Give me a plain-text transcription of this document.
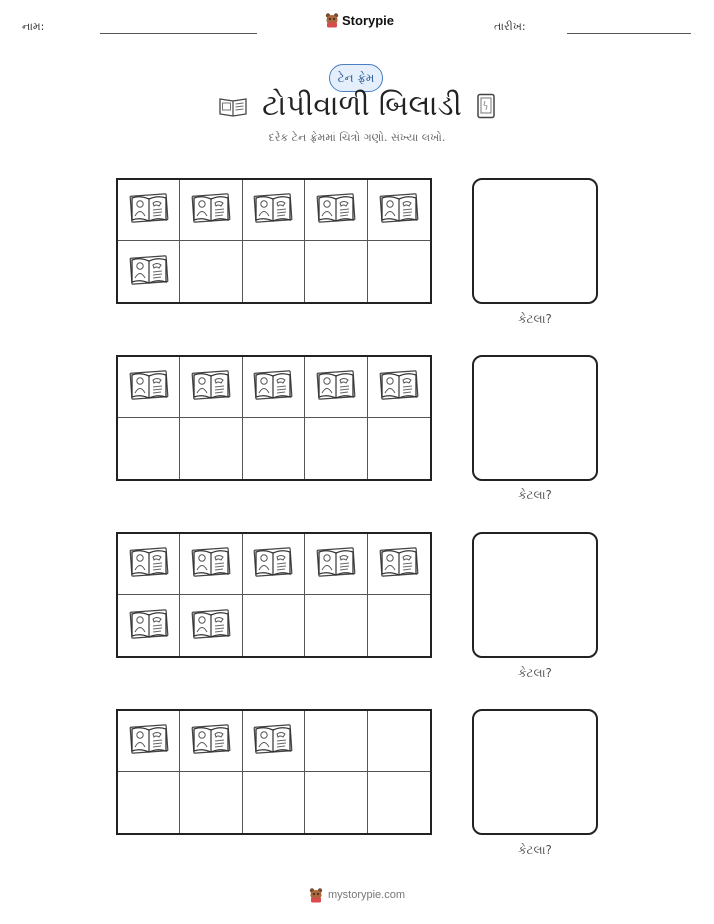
નામ:	Storypie	તારીખ:
ટેન ફ્રેમ
ટોપીવાળી બિલાડી
દરેક ટેન ફ્રેમમાં ચિત્રો ગણો. સંખ્યા લખો.
કેટલા?
કેટલા?
કેટલા?
કેટલા?
mystorypie.com
